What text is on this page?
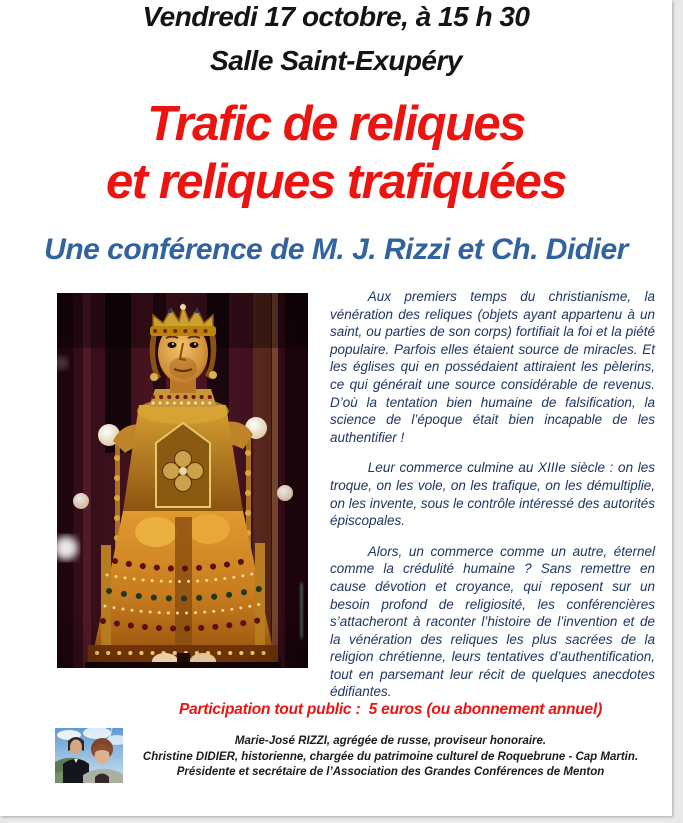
Vendredi 17 octobre, à 15 h 30
Salle Saint-Exupéry
Trafic de reliques
et reliques trafiquées
Une conférence de M. J. Rizzi et Ch. Didier

Aux premiers temps du christianisme, la vénération des reliques (objets ayant appartenu à un saint, ou parties de son corps) fortifiait la foi et la piété populaire. Parfois elles étaient source de miracles. Et les églises qui en possédaient attiraient les pèlerins, ce qui générait une source considérable de revenus. D’où la tentation bien humaine de falsification, la science de l’époque était bien incapable de les authentifier !

Leur commerce culmine au XIIIe siècle : on les troque, on les vole, on les trafique, on les démultiplie, on les invente, sous le contrôle intéressé des autorités épiscopales.

Alors, un commerce comme un autre, éternel comme la crédulité humaine ? Sans remettre en cause dévotion et croyance, qui reposent sur un besoin profond de religiosité, les conférencières s’attacheront à raconter l’histoire de l’invention et de la vénération des reliques les plus sacrées de la religion chrétienne, leurs tentatives d’authentification, tout en parsemant leur récit de quelques anecdotes édifiantes.

Participation tout public :  5 euros (ou abonnement annuel)
Marie-José RIZZI, agrégée de russe, proviseur honoraire.
Christine DIDIER, historienne, chargée du patrimoine culturel de Roquebrune - Cap Martin.
Présidente et secrétaire de l’Association des Grandes Conférences de Menton
